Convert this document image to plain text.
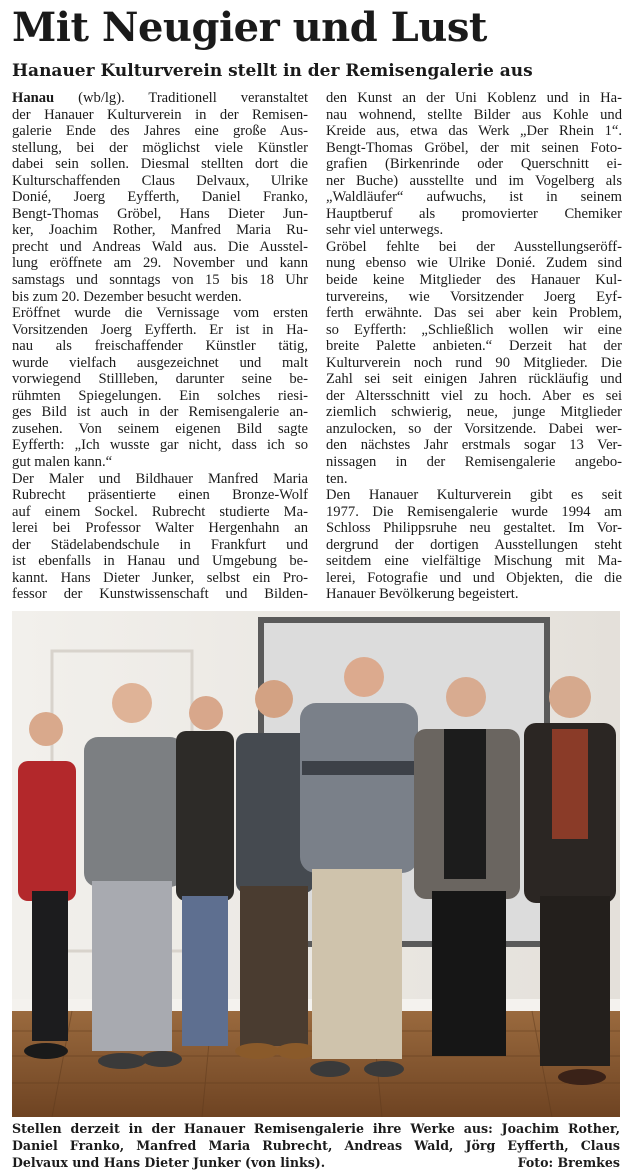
Mit Neugier und Lust
Hanauer Kulturverein stellt in der Remisengalerie aus
Hanau (wb/lg). Traditionell veranstaltet
der Hanauer Kulturverein in der Remisen-
galerie Ende des Jahres eine große Aus-
stellung, bei der möglichst viele Künstler
dabei sein sollen. Diesmal stellten dort die
Kulturschaffenden Claus Delvaux, Ulrike
Donié, Joerg Eyfferth, Daniel Franko,
Bengt-Thomas Gröbel, Hans Dieter Jun-
ker, Joachim Rother, Manfred Maria Ru-
precht und Andreas Wald aus. Die Ausstel-
lung eröffnete am 29. November und kann
samstags und sonntags von 15 bis 18 Uhr
bis zum 20. Dezember besucht werden.
Eröffnet wurde die Vernissage vom ersten
Vorsitzenden Joerg Eyfferth. Er ist in Ha-
nau als freischaffender Künstler tätig,
wurde vielfach ausgezeichnet und malt
vorwiegend Stillleben, darunter seine be-
rühmten Spiegelungen. Ein solches riesi-
ges Bild ist auch in der Remisengalerie an-
zusehen. Von seinem eigenen Bild sagte
Eyfferth: „Ich wusste gar nicht, dass ich so
gut malen kann.“
Der Maler und Bildhauer Manfred Maria
Rubrecht präsentierte einen Bronze-Wolf
auf einem Sockel. Rubrecht studierte Ma-
lerei bei Professor Walter Hergenhahn an
der Städelabendschule in Frankfurt und
ist ebenfalls in Hanau und Umgebung be-
kannt. Hans Dieter Junker, selbst ein Pro-
fessor der Kunstwissenschaft und Bilden-
den Kunst an der Uni Koblenz und in Ha-
nau wohnend, stellte Bilder aus Kohle und
Kreide aus, etwa das Werk „Der Rhein 1“.
Bengt-Thomas Gröbel, der mit seinen Foto-
grafien (Birkenrinde oder Querschnitt ei-
ner Buche) ausstellte und im Vogelberg als
„Waldläufer“ aufwuchs, ist in seinem
Hauptberuf als promovierter Chemiker
sehr viel unterwegs.
Gröbel fehlte bei der Ausstellungseröff-
nung ebenso wie Ulrike Donié. Zudem sind
beide keine Mitglieder des Hanauer Kul-
turvereins, wie Vorsitzender Joerg Eyf-
ferth erwähnte. Das sei aber kein Problem,
so Eyfferth: „Schließlich wollen wir eine
breite Palette anbieten.“ Derzeit hat der
Kulturverein noch rund 90 Mitglieder. Die
Zahl sei seit einigen Jahren rückläufig und
der Altersschnitt viel zu hoch. Aber es sei
ziemlich schwierig, neue, junge Mitglieder
anzulocken, so der Vorsitzende. Dabei wer-
den nächstes Jahr erstmals sogar 13 Ver-
nissagen in der Remisengalerie angebo-
ten.
Den Hanauer Kulturverein gibt es seit
1977. Die Remisengalerie wurde 1994 am
Schloss Philippsruhe neu gestaltet. Im Vor-
dergrund der dortigen Ausstellungen steht
seitdem eine vielfältige Mischung mit Ma-
lerei, Fotografie und und Objekten, die die
Hanauer Bevölkerung begeistert.
Stellen derzeit in der Hanauer Remisengalerie ihre Werke aus: Joachim Rother,
Daniel Franko, Manfred Maria Rubrecht, Andreas Wald, Jörg Eyfferth, Claus
Delvaux und Hans Dieter Junker (von links).	Foto: Bremkes
